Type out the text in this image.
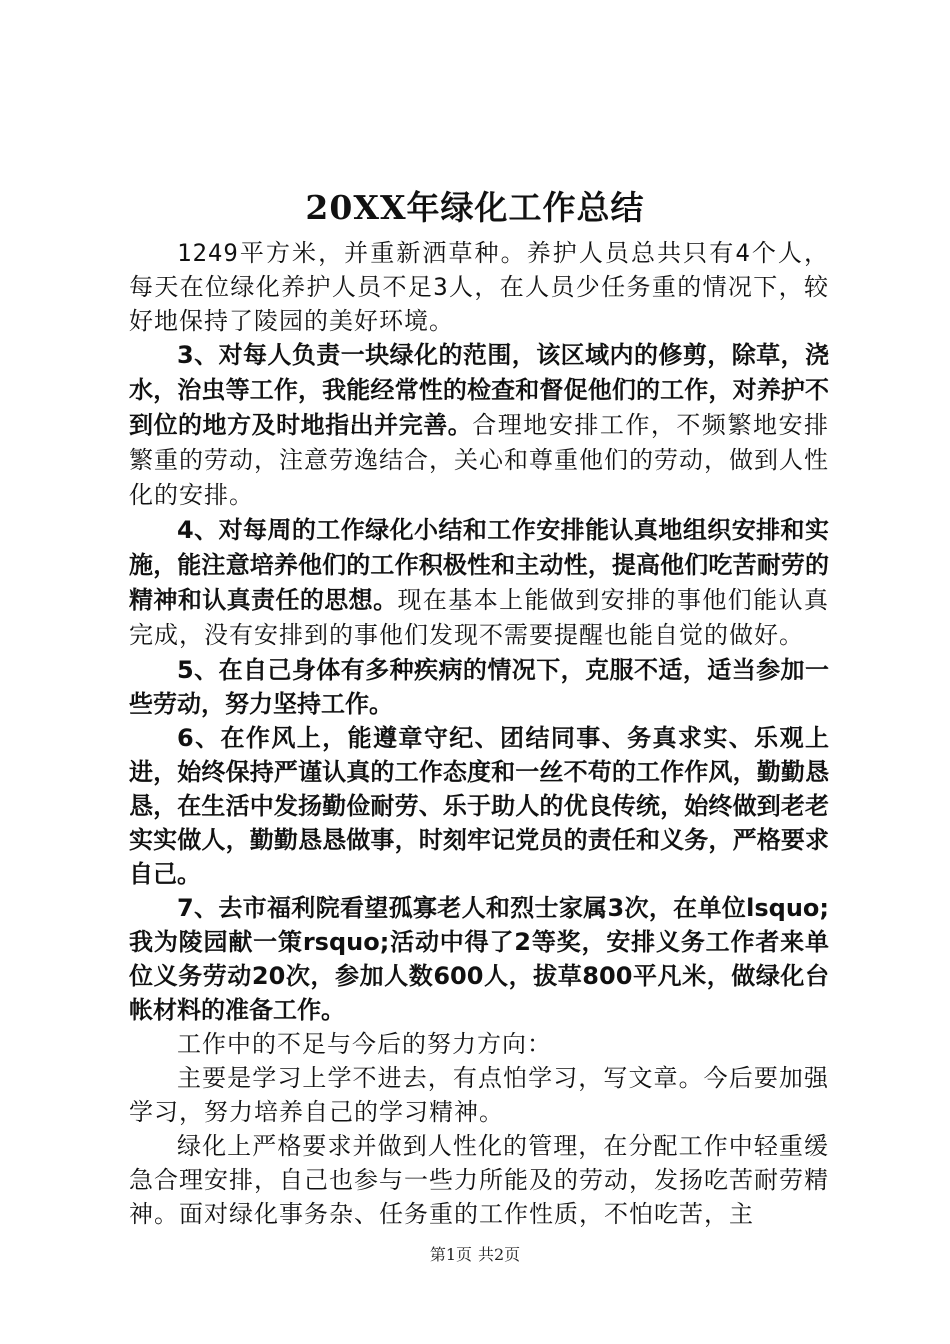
20XX年绿化工作总结

1249平方米，并重新洒草种。养护人员总共只有4个人，每天在位绿化养护人员不足3人，在人员少任务重的情况下，较好地保持了陵园的美好环境。

3、对每人负责一块绿化的范围，该区域内的修剪，除草，浇水，治虫等工作，我能经常性的检查和督促他们的工作，对养护不到位的地方及时地指出并完善。合理地安排工作，不频繁地安排繁重的劳动，注意劳逸结合，关心和尊重他们的劳动，做到人性化的安排。

4、对每周的工作绿化小结和工作安排能认真地组织安排和实施，能注意培养他们的工作积极性和主动性，提高他们吃苦耐劳的精神和认真责任的思想。现在基本上能做到安排的事他们能认真完成，没有安排到的事他们发现不需要提醒也能自觉的做好。

5、在自己身体有多种疾病的情况下，克服不适，适当参加一些劳动，努力坚持工作。

6、在作风上，能遵章守纪、团结同事、务真求实、乐观上进，始终保持严谨认真的工作态度和一丝不苟的工作作风，勤勤恳恳，在生活中发扬勤俭耐劳、乐于助人的优良传统，始终做到老老实实做人，勤勤恳恳做事，时刻牢记党员的责任和义务，严格要求自己。

7、去市福利院看望孤寡老人和烈士家属3次，在单位lsquo;我为陵园献一策rsquo;活动中得了2等奖，安排义务工作者来单位义务劳动20次，参加人数600人，拔草800平凡米，做绿化台帐材料的准备工作。

工作中的不足与今后的努力方向：

主要是学习上学不进去，有点怕学习，写文章。今后要加强学习，努力培养自己的学习精神。

绿化上严格要求并做到人性化的管理，在分配工作中轻重缓急合理安排，自己也参与一些力所能及的劳动，发扬吃苦耐劳精神。面对绿化事务杂、任务重的工作性质，不怕吃苦，主

第1页 共2页
